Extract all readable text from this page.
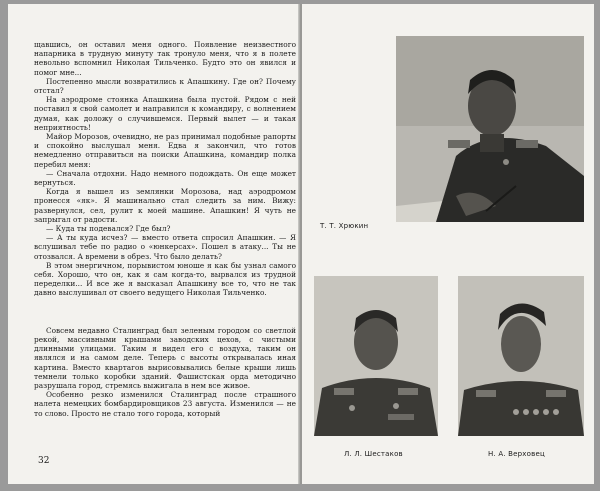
щавшись, он оставил меня одного. Появление неизвестного напарника в трудную минуту так тронуло меня, что я в полете невольно вспомнил Николая Тильченко. Будто это он явился и помог мне...

Постепенно мысли возвратились к Апашкину. Где он? Почему отстал?

На аэродроме стоянка Апашкина была пустой. Рядом с ней поставил я свой самолет и направился к командиру, с волнением думая, как доложу о случившемся. Первый вылет — и такая неприятность!

Майор Морозов, очевидно, не раз принимал подобные рапорты и спокойно выслушал меня. Едва я закончил, что готов немедленно отправиться на поиски Апашкина, командир полка перебил меня:

— Сначала отдохни. Надо немного подождать. Он еще может вернуться.

Когда я вышел из землянки Морозова, над аэродромом пронесся «як». Я машинально стал следить за ним. Вижу: развернулся, сел, рулит к моей машине. Апашкин! Я чуть не запрыгал от радости.

— Куда ты подевался? Где был?

— А ты куда исчез? — вместо ответа спросил Апашкин. — Я вслушивал тебе по радио о «юнкерсах». Пошел в атаку... Ты не отозвался. А времени в обрез. Что было делать?

В этом энергичном, порывистом юноше я как бы узнал самого себя. Хорошо, что он, как я сам когда-то, вырвался из трудной переделки... И все же я высказал Апашкину все то, что не так давно выслушивал от своего ведущего Николая Тильченко.

Совсем недавно Сталинград был зеленым городом со светлой рекой, массивными крышами заводских цехов, с чистыми длинными улицами. Таким я видел его с воздуха, таким он являлся и на самом деле. Теперь с высоты открывалась иная картина. Вместо квартагов вырисовывались белые крыши лишь темнели только коробки зданий. Фашистская орда методично разрушала город, стремясь выжигала в нем все живое.

Особенно резко изменился Сталинград после страшного налета немецких бомбардировщиков 23 августа. Изменился — не то слово. Просто не стало того города, который

32
Т. Т. Хрюкин
Л. Л. Шестаков	Н. А. Верховец
